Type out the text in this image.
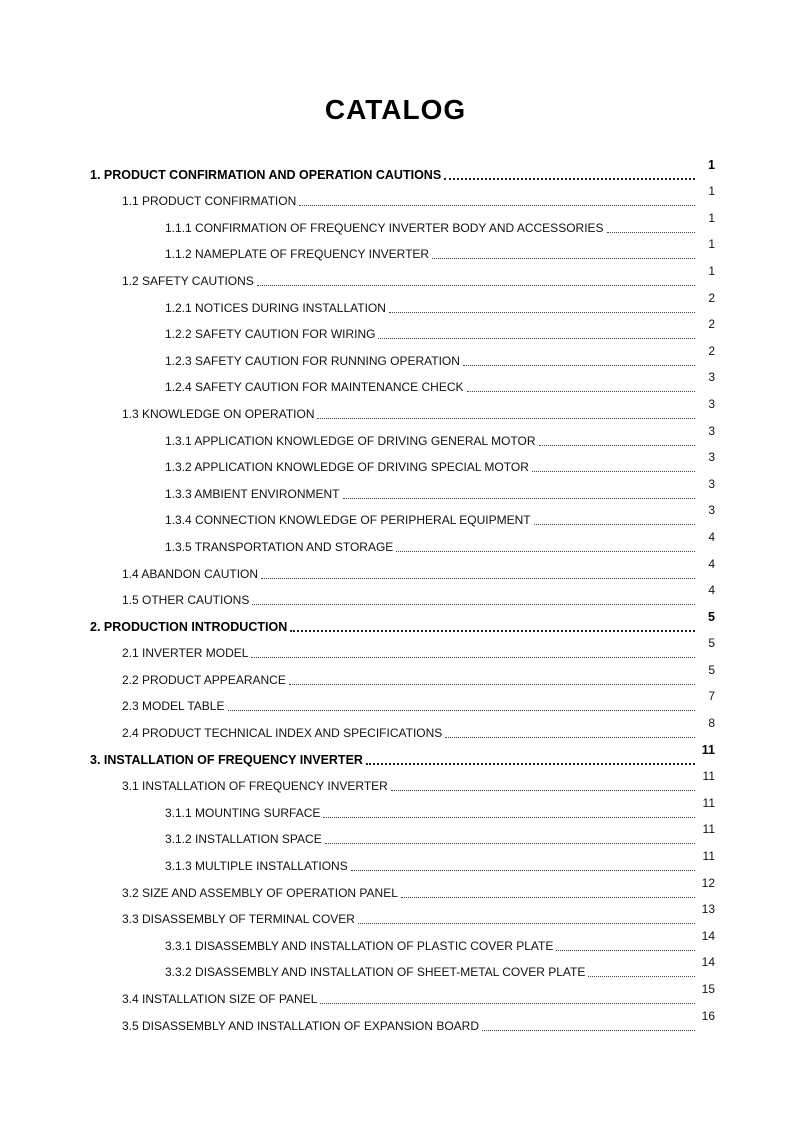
CATALOG
1. PRODUCT CONFIRMATION AND OPERATION CAUTIONS
1
1.1 PRODUCT CONFIRMATION
1
1.1.1 CONFIRMATION OF FREQUENCY INVERTER BODY AND ACCESSORIES
1
1.1.2 NAMEPLATE OF FREQUENCY INVERTER
1
1.2 SAFETY CAUTIONS
1
1.2.1 NOTICES DURING INSTALLATION
2
1.2.2 SAFETY CAUTION FOR WIRING
2
1.2.3 SAFETY CAUTION FOR RUNNING OPERATION
2
1.2.4 SAFETY CAUTION FOR MAINTENANCE CHECK
3
1.3 KNOWLEDGE ON OPERATION
3
1.3.1 APPLICATION KNOWLEDGE OF DRIVING GENERAL MOTOR
3
1.3.2 APPLICATION KNOWLEDGE OF DRIVING SPECIAL MOTOR
3
1.3.3 AMBIENT ENVIRONMENT
3
1.3.4 CONNECTION KNOWLEDGE OF PERIPHERAL EQUIPMENT
3
1.3.5 TRANSPORTATION AND STORAGE
4
1.4 ABANDON CAUTION
4
1.5 OTHER CAUTIONS
4
2. PRODUCTION INTRODUCTION
5
2.1 INVERTER MODEL
5
2.2 PRODUCT APPEARANCE
5
2.3 MODEL TABLE
7
2.4 PRODUCT TECHNICAL INDEX AND SPECIFICATIONS
8
3. INSTALLATION OF FREQUENCY INVERTER
11
3.1 INSTALLATION OF FREQUENCY INVERTER
11
3.1.1 MOUNTING SURFACE
11
3.1.2 INSTALLATION SPACE
11
3.1.3 MULTIPLE INSTALLATIONS
11
3.2 SIZE AND ASSEMBLY OF OPERATION PANEL
12
3.3 DISASSEMBLY OF TERMINAL COVER
13
3.3.1 DISASSEMBLY AND INSTALLATION OF PLASTIC COVER PLATE
14
3.3.2 DISASSEMBLY AND INSTALLATION OF SHEET-METAL COVER PLATE
14
3.4 INSTALLATION SIZE OF PANEL
15
3.5 DISASSEMBLY AND INSTALLATION OF EXPANSION BOARD
16
